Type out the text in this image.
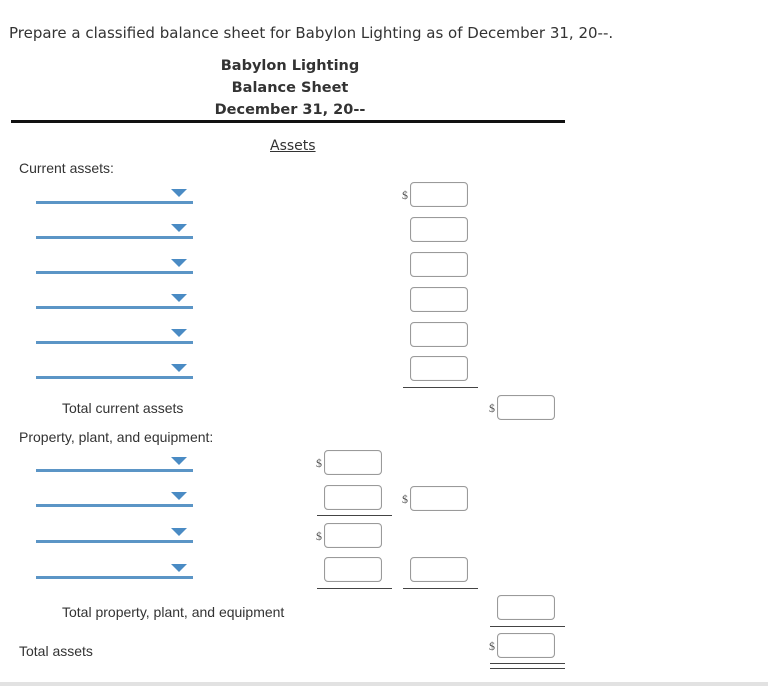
Prepare a classified balance sheet for Babylon Lighting as of December 31, 20--.
Babylon Lighting
Balance Sheet
December 31, 20--
Assets
Current assets:
$
Total current assets	$
Property, plant, and equipment:
$
$
$
Total property, plant, and equipment
Total assets	$
